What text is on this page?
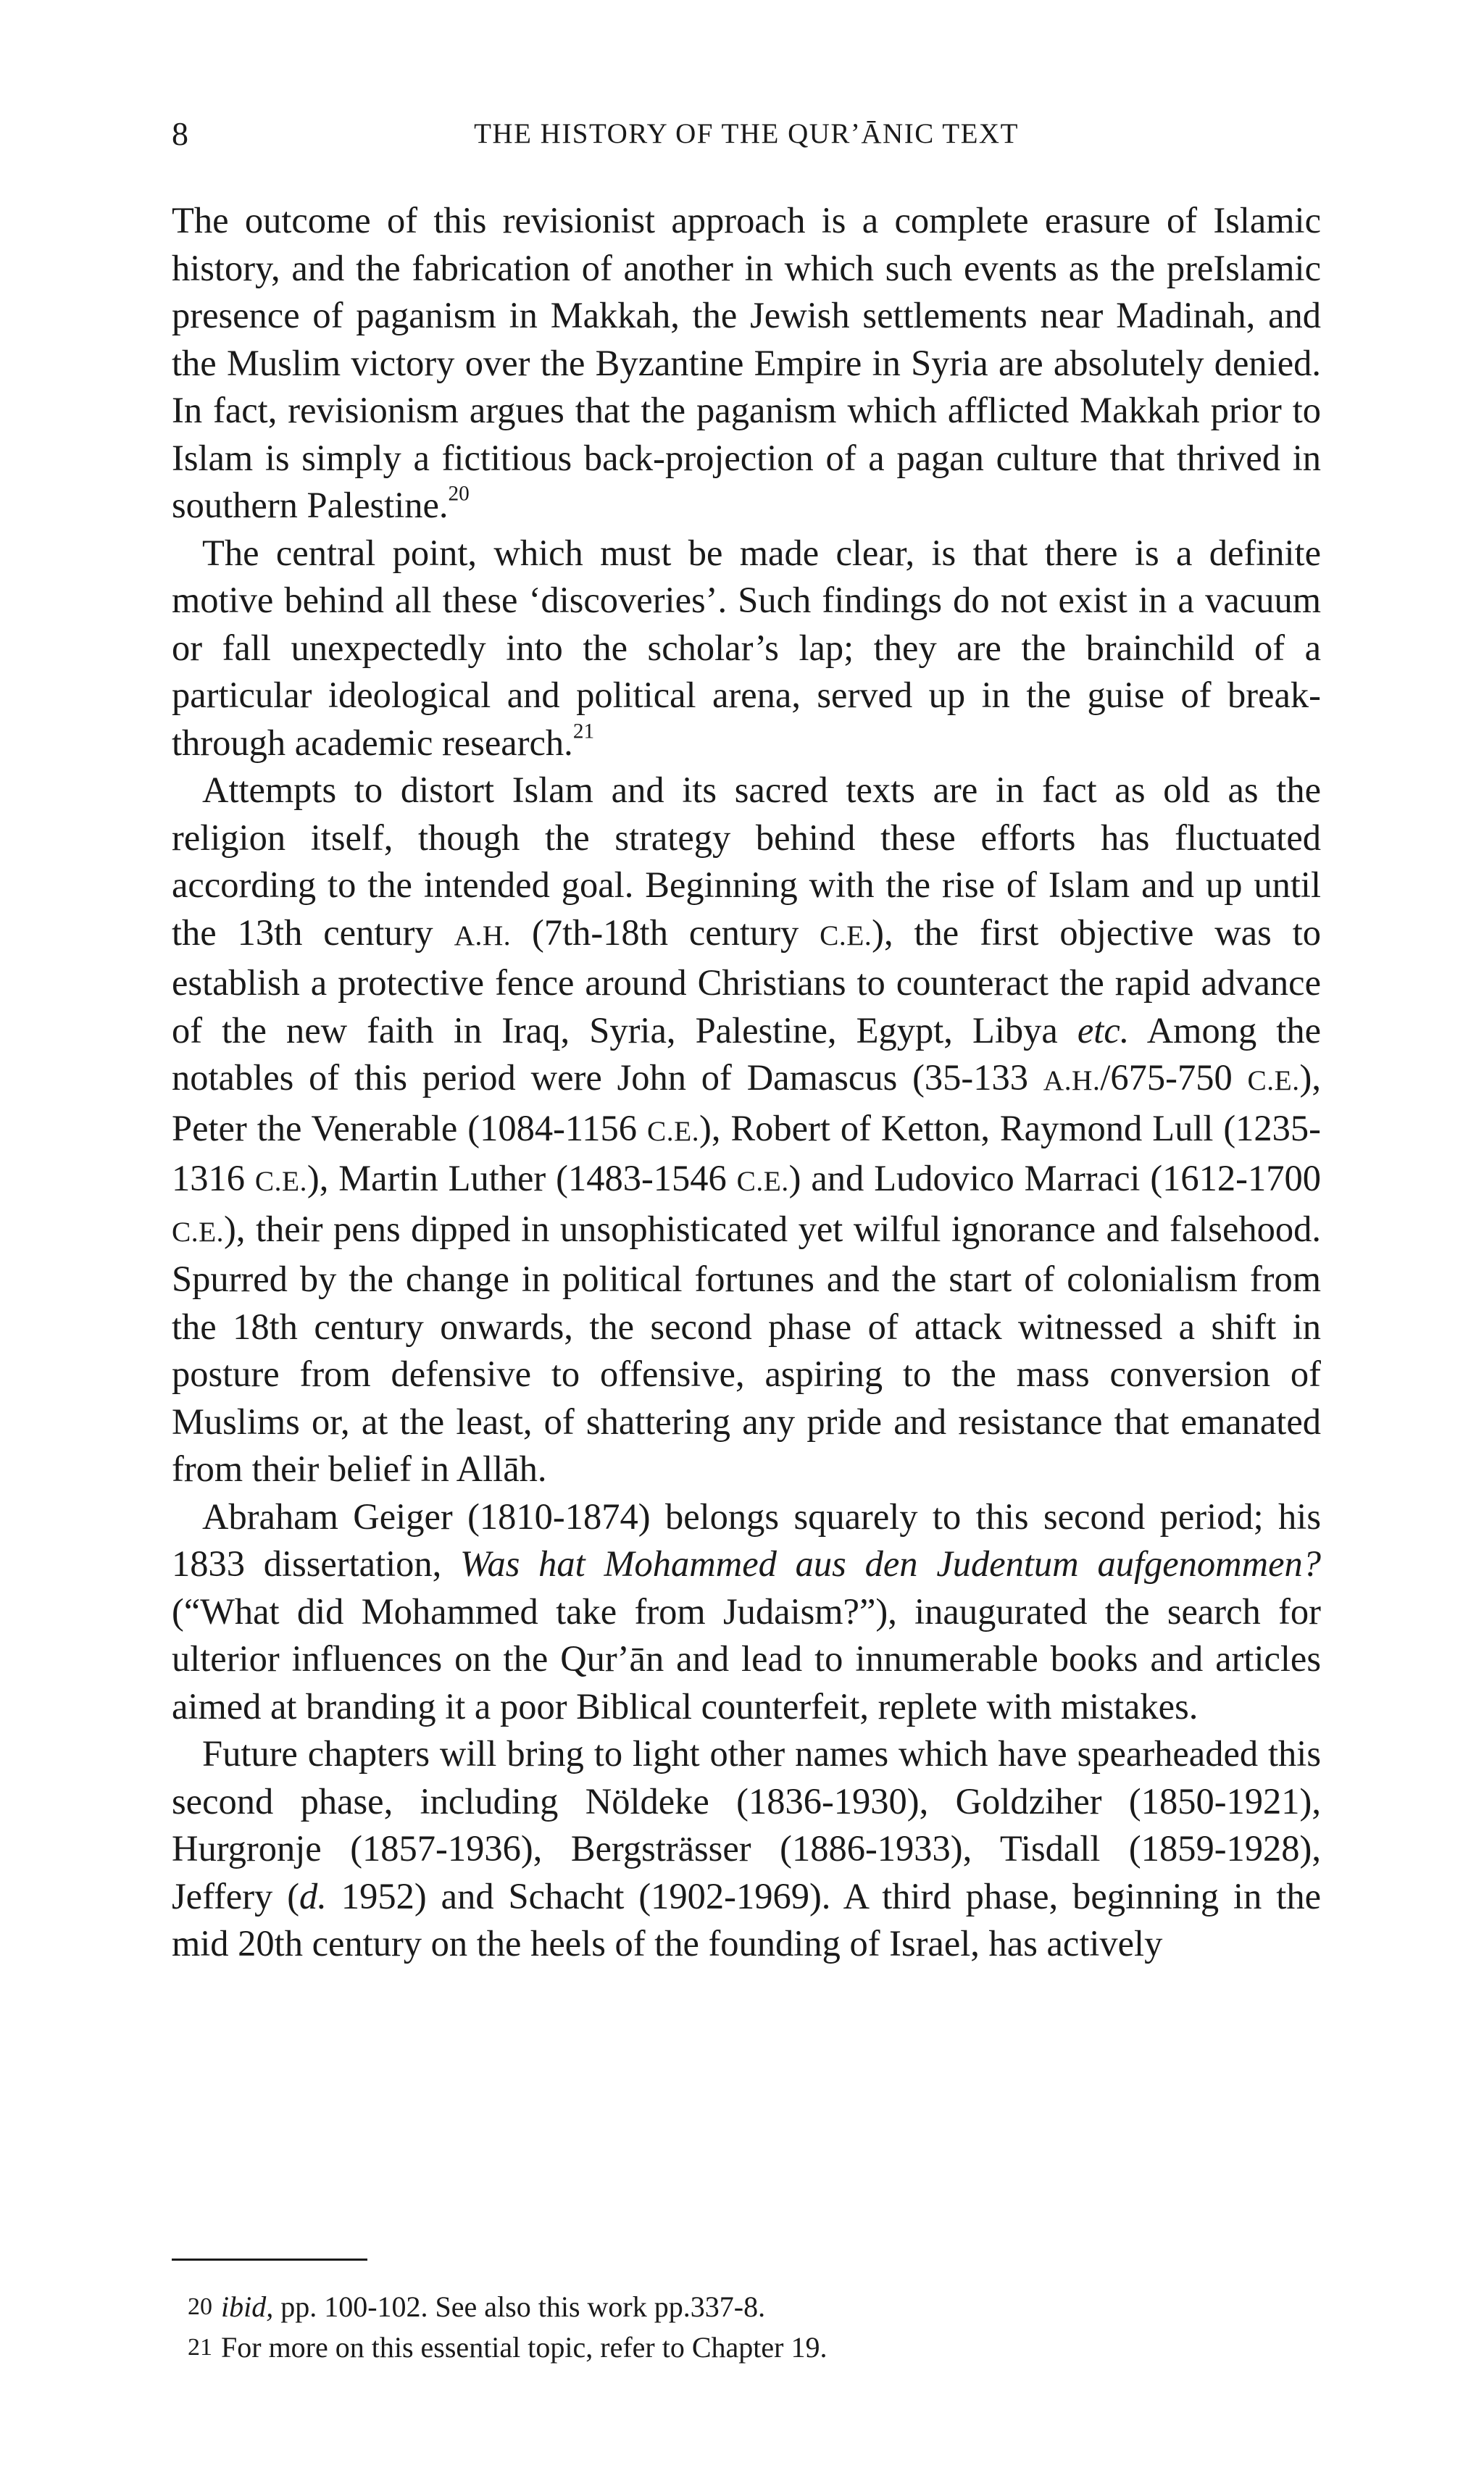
8	THE HISTORY OF THE QURʼĀNIC TEXT

The outcome of this revisionist approach is a complete erasure of Islamic history, and the fabrication of another in which such events as the preIslamic presence of paganism in Makkah, the Jewish settlements near Madinah, and the Muslim victory over the Byzantine Empire in Syria are absolutely denied. In fact, revisionism argues that the paganism which afflicted Makkah prior to Islam is simply a fictitious back-projection of a pagan culture that thrived in southern Palestine.$^{20}$

The central point, which must be made clear, is that there is a definite motive behind all these ‘discoveries’. Such findings do not exist in a vacuum or fall unexpectedly into the scholar’s lap; they are the brainchild of a particular ideological and political arena, served up in the guise of breakthrough academic research.$^{21}$

Attempts to distort Islam and its sacred texts are in fact as old as the religion itself, though the strategy behind these efforts has fluctuated according to the intended goal. Beginning with the rise of Islam and up until the 13th century A.H. (7th-18th century C.E.), the first objective was to establish a protective fence around Christians to counteract the rapid advance of the new faith in Iraq, Syria, Palestine, Egypt, Libya etc. Among the notables of this period were John of Damascus (35-133 A.H./675-750 C.E.), Peter the Venerable (1084-1156 C.E.), Robert of Ketton, Raymond Lull (1235-1316 C.E.), Martin Luther (1483-1546 C.E.) and Ludovico Marraci (1612-1700 C.E.), their pens dipped in unsophisticated yet wilful ignorance and falsehood. Spurred by the change in political fortunes and the start of colonialism from the 18th century onwards, the second phase of attack witnessed a shift in posture from defensive to offensive, aspiring to the mass conversion of Muslims or, at the least, of shattering any pride and resistance that emanated from their belief in Allāh.

Abraham Geiger (1810-1874) belongs squarely to this second period; his 1833 dissertation, Was hat Mohammed aus den Judentum aufgenommen? (“What did Mohammed take from Judaism?”), inaugurated the search for ulterior influences on the Qurʼān and lead to innumerable books and articles aimed at branding it a poor Biblical counterfeit, replete with mistakes.

Future chapters will bring to light other names which have spearheaded this second phase, including Nöldeke (1836-1930), Goldziher (1850-1921), Hurgronje (1857-1936), Bergsträsser (1886-1933), Tisdall (1859-1928), Jeffery (d. 1952) and Schacht (1902-1969). A third phase, beginning in the mid 20th century on the heels of the founding of Israel, has actively

20 ibid, pp. 100-102. See also this work pp.337-8.

21 For more on this essential topic, refer to Chapter 19.
